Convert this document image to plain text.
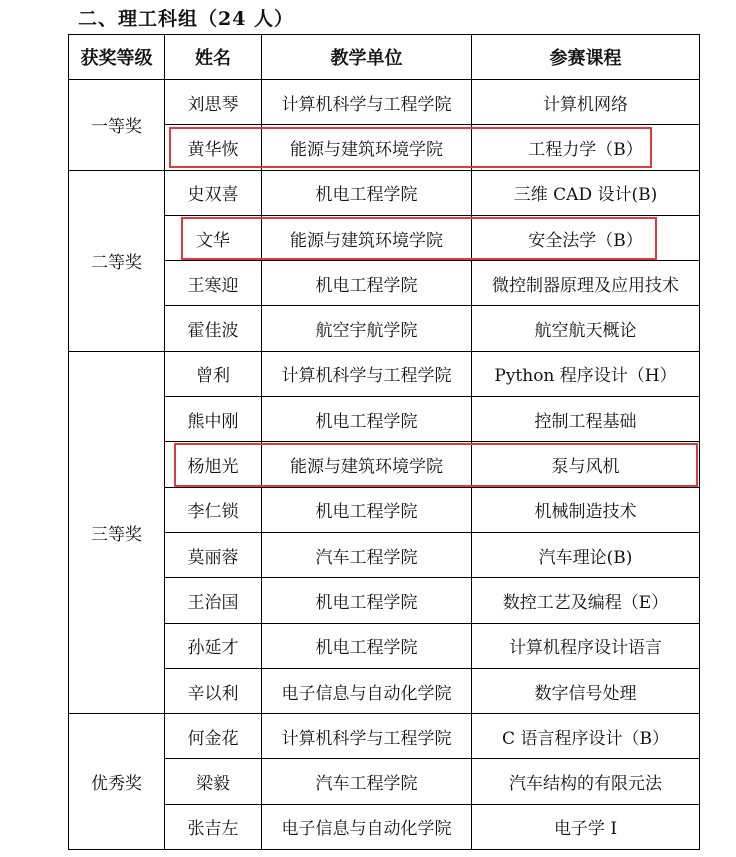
二、理工科组（24 人）
获奖等级	姓名	教学单位	参赛课程
一等奖	刘思琴	计算机科学与工程学院	计算机网络
	黄华恢	能源与建筑环境学院	工程力学（B）
二等奖	史双喜	机电工程学院	三维 CAD 设计(B)
	文华	能源与建筑环境学院	安全法学（B）
	王寒迎	机电工程学院	微控制器原理及应用技术
	霍佳波	航空宇航学院	航空航天概论
三等奖	曾利	计算机科学与工程学院	Python 程序设计（H）
	熊中刚	机电工程学院	控制工程基础
	杨旭光	能源与建筑环境学院	泵与风机
	李仁锁	机电工程学院	机械制造技术
	莫丽蓉	汽车工程学院	汽车理论(B)
	王治国	机电工程学院	数控工艺及编程（E）
	孙延才	机电工程学院	计算机程序设计语言
	辛以利	电子信息与自动化学院	数字信号处理
优秀奖	何金花	计算机科学与工程学院	C 语言程序设计（B）
	梁毅	汽车工程学院	汽车结构的有限元法
	张吉左	电子信息与自动化学院	电子学 I
